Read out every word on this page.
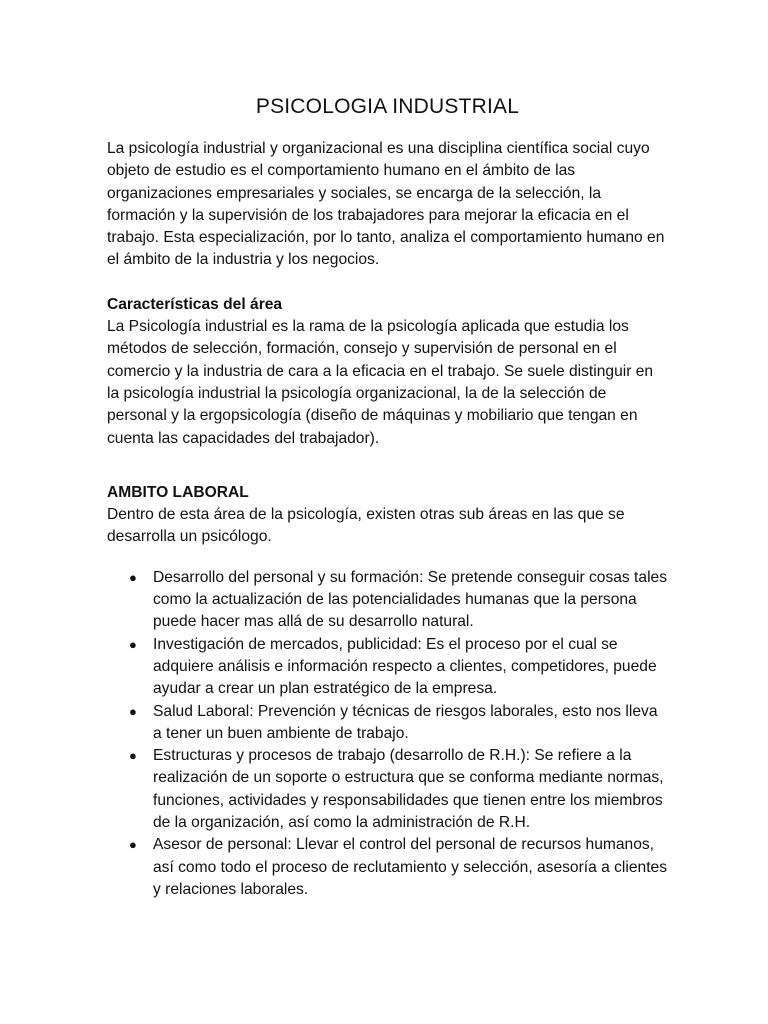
PSICOLOGIA INDUSTRIAL

La psicología industrial y organizacional es una disciplina científica social cuyo objeto de estudio es el comportamiento humano en el ámbito de las organizaciones empresariales y sociales, se encarga de la selección, la formación y la supervisión de los trabajadores para mejorar la eficacia en el trabajo. Esta especialización, por lo tanto, analiza el comportamiento humano en el ámbito de la industria y los negocios.

Características del área

La Psicología industrial es la rama de la psicología aplicada que estudia los métodos de selección, formación, consejo y supervisión de personal en el comercio y la industria de cara a la eficacia en el trabajo. Se suele distinguir en la psicología industrial la psicología organizacional, la de la selección de personal y la ergopsicología (diseño de máquinas y mobiliario que tengan en cuenta las capacidades del trabajador).

AMBITO LABORAL

Dentro de esta área de la psicología, existen otras sub áreas en las que se desarrolla un psicólogo.

● Desarrollo del personal y su formación: Se pretende conseguir cosas tales como la actualización de las potencialidades humanas que la persona puede hacer mas allá de su desarrollo natural.
● Investigación de mercados, publicidad: Es el proceso por el cual se adquiere análisis e información respecto a clientes, competidores, puede ayudar a crear un plan estratégico de la empresa.
● Salud Laboral: Prevención y técnicas de riesgos laborales, esto nos lleva a tener un buen ambiente de trabajo.
● Estructuras y procesos de trabajo (desarrollo de R.H.): Se refiere a la realización de un soporte o estructura que se conforma mediante normas, funciones, actividades y responsabilidades que tienen entre los miembros de la organización, así como la administración de R.H.
● Asesor de personal: Llevar el control del personal de recursos humanos, así como todo el proceso de reclutamiento y selección, asesoría a clientes y relaciones laborales.
